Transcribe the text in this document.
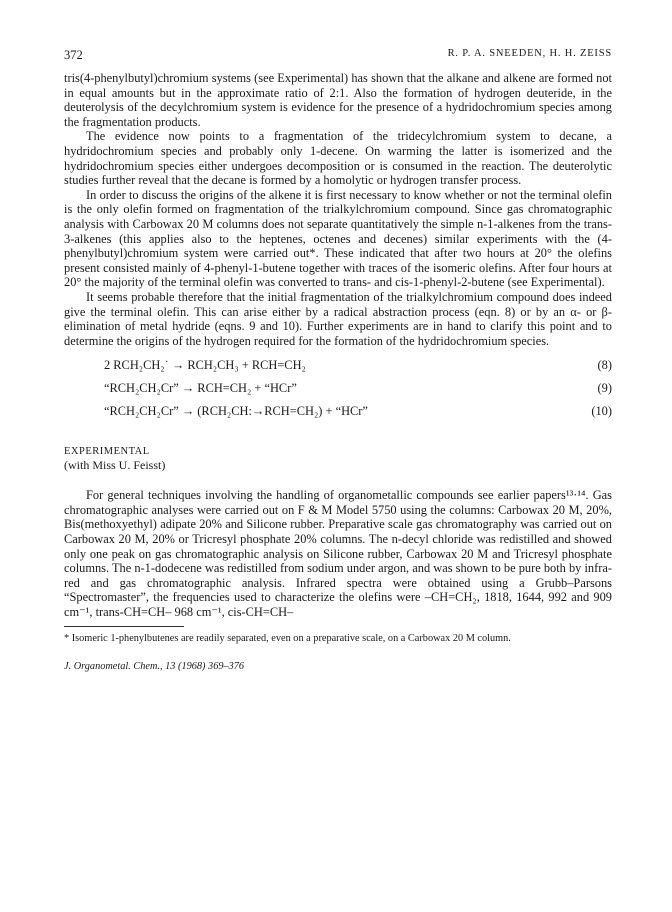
372	R. P. A. SNEEDEN, H. H. ZEISS

tris(4-phenylbutyl)chromium systems (see Experimental) has shown that the alkane and alkene are formed not in equal amounts but in the approximate ratio of 2:1. Also the formation of hydrogen deuteride, in the deuterolysis of the decylchromium system is evidence for the presence of a hydridochromium species among the fragmentation products.

The evidence now points to a fragmentation of the tridecylchromium system to decane, a hydridochromium species and probably only 1-decene. On warming the latter is isomerized and the hydridochromium species either undergoes decomposition or is consumed in the reaction. The deuterolytic studies further reveal that the decane is formed by a homolytic or hydrogen transfer process.

In order to discuss the origins of the alkene it is first necessary to know whether or not the terminal olefin is the only olefin formed on fragmentation of the trialkylchromium compound. Since gas chromatographic analysis with Carbowax 20 M columns does not separate quantitatively the simple n-1-alkenes from the trans-3-alkenes (this applies also to the heptenes, octenes and decenes) similar experiments with the (4-phenylbutyl)chromium system were carried out*. These indicated that after two hours at 20° the olefins present consisted mainly of 4-phenyl-1-butene together with traces of the isomeric olefins. After four hours at 20° the majority of the terminal olefin was converted to trans- and cis-1-phenyl-2-butene (see Experimental).

It seems probable therefore that the initial fragmentation of the trialkylchromium compound does indeed give the terminal olefin. This can arise either by a radical abstraction process (eqn. 8) or by an α- or β-elimination of metal hydride (eqns. 9 and 10). Further experiments are in hand to clarify this point and to determine the origins of the hydrogen required for the formation of the hydridochromium species.

2 RCH₂CH₂˙ → RCH₂CH₃ + RCH=CH₂	(8)
“RCH₂CH₂Cr” → RCH=CH₂ + “HCr”	(9)
“RCH₂CH₂Cr” → (RCH₂CH:→RCH=CH₂) + “HCr”	(10)
EXPERIMENTAL
(with Miss U. Feisst)

For general techniques involving the handling of organometallic compounds see earlier papers¹³·¹⁴. Gas chromatographic analyses were carried out on F & M Model 5750 using the columns: Carbowax 20 M, 20%, Bis(methoxyethyl) adipate 20% and Silicone rubber. Preparative scale gas chromatography was carried out on Carbowax 20 M, 20% or Tricresyl phosphate 20% columns. The n-decyl chloride was redistilled and showed only one peak on gas chromatographic analysis on Silicone rubber, Carbowax 20 M and Tricresyl phosphate columns. The n-1-dodecene was redistilled from sodium under argon, and was shown to be pure both by infra-red and gas chromatographic analysis. Infrared spectra were obtained using a Grubb–Parsons “Spectromaster”, the frequencies used to characterize the olefins were –CH=CH₂, 1818, 1644, 992 and 909 cm⁻¹, trans-CH=CH– 968 cm⁻¹, cis-CH=CH–

* Isomeric 1-phenylbutenes are readily separated, even on a preparative scale, on a Carbowax 20 M column.
J. Organometal. Chem., 13 (1968) 369–376
